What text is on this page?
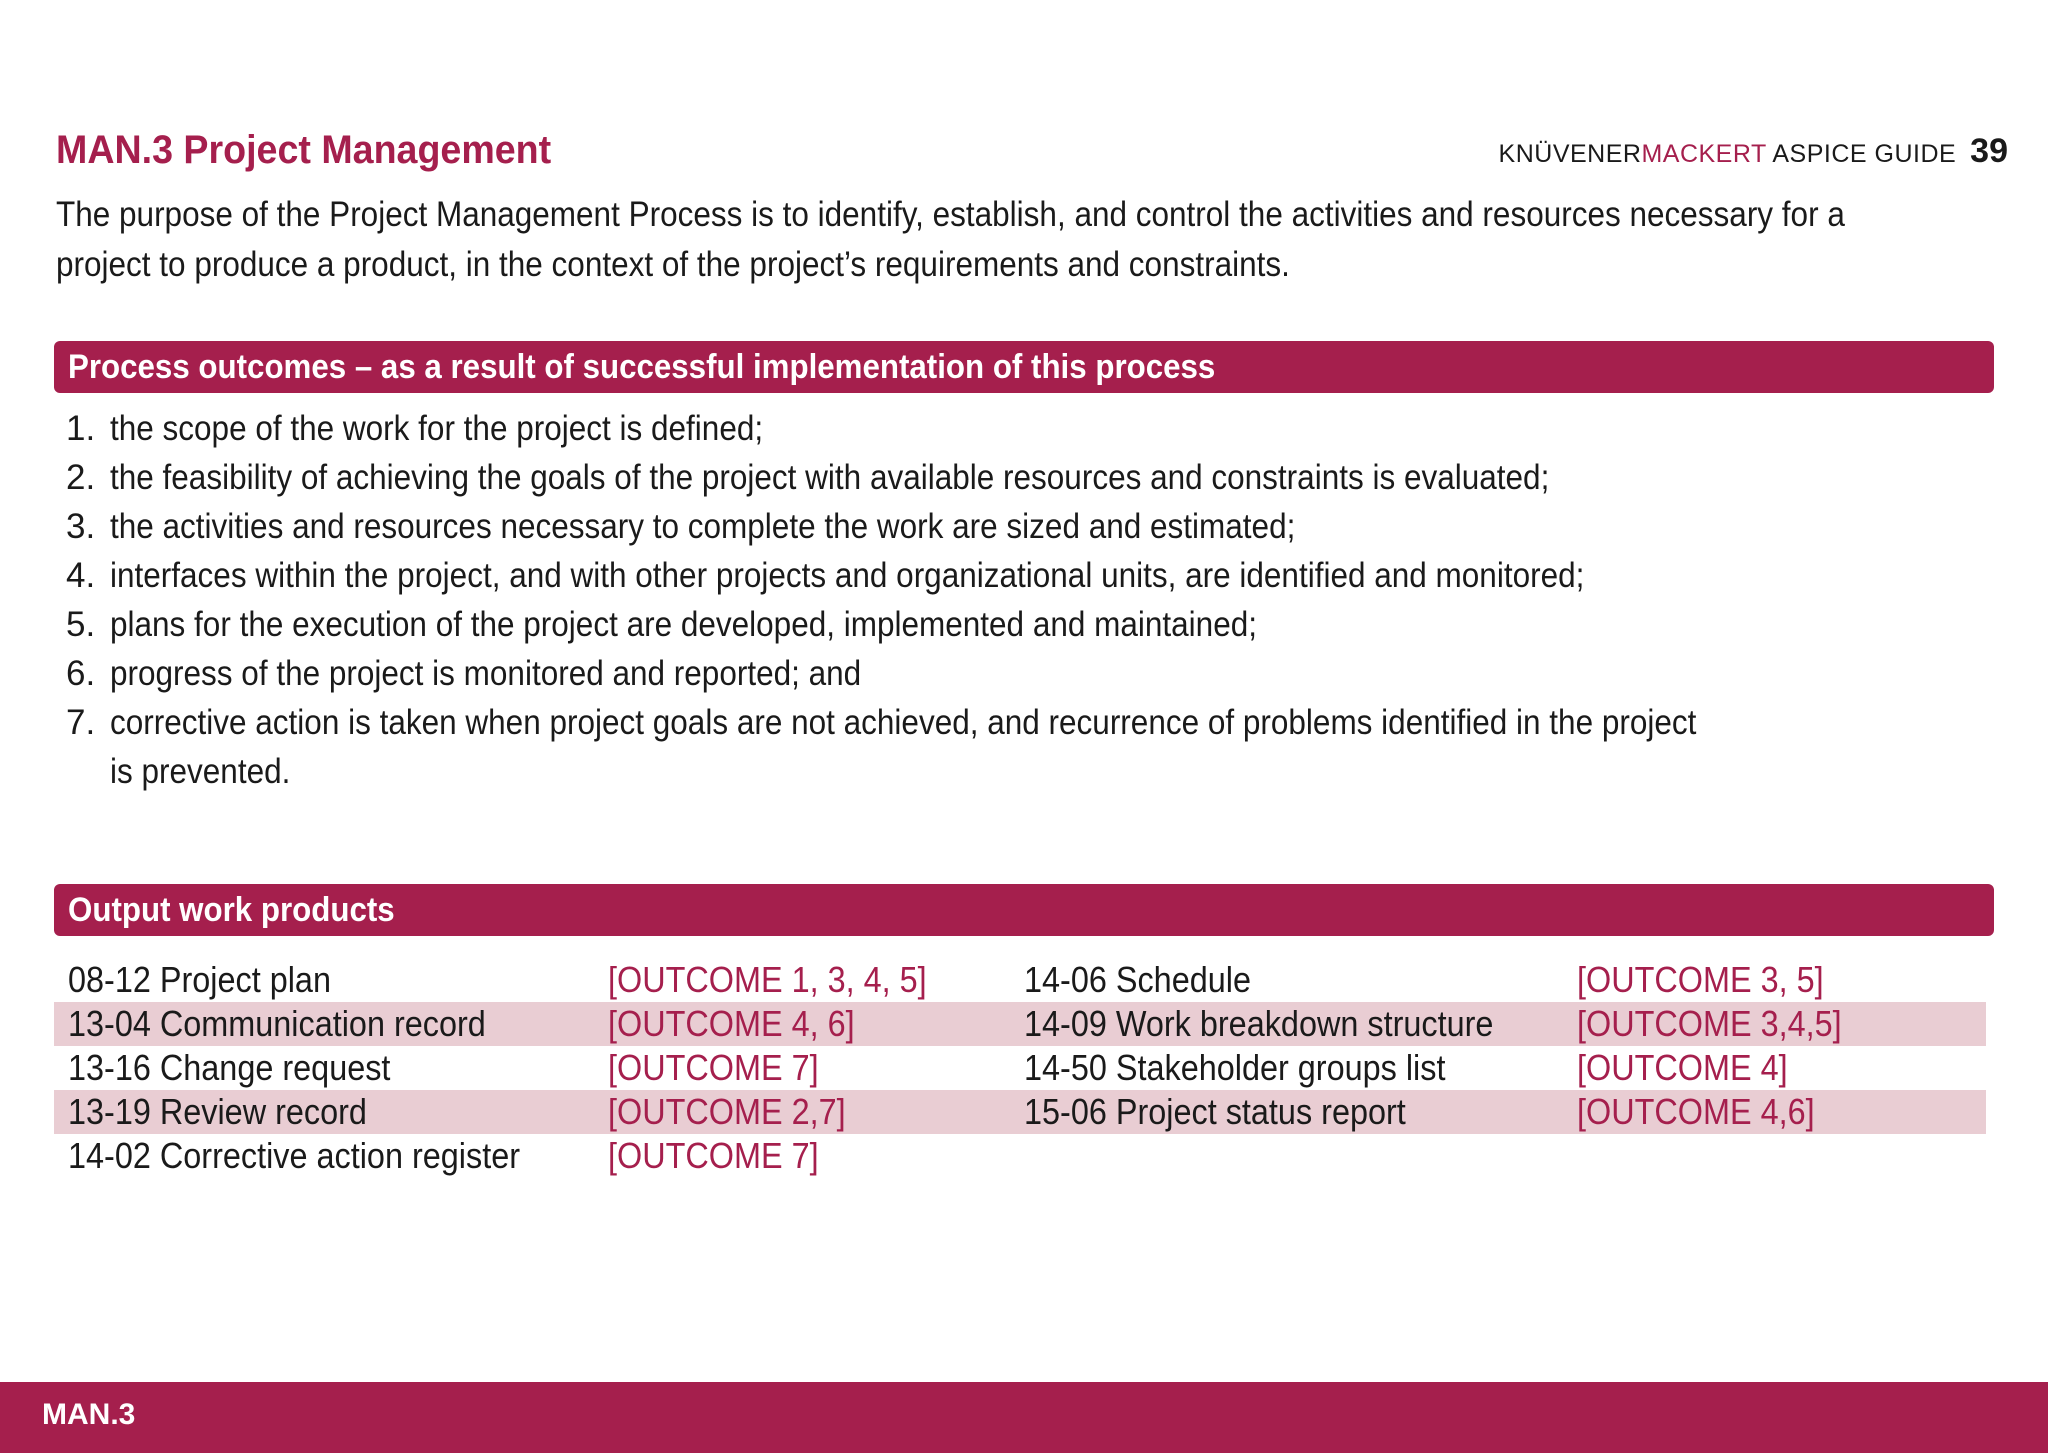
MAN.3 Project Management	KNÜVENERMACKERT ASPICE GUIDE 39

The purpose of the Project Management Process is to identify, establish, and control the activities and resources necessary for a project to produce a product, in the context of the project’s requirements and constraints.

Process outcomes – as a result of successful implementation of this process
1. the scope of the work for the project is defined;
2. the feasibility of achieving the goals of the project with available resources and constraints is evaluated;
3. the activities and resources necessary to complete the work are sized and estimated;
4. interfaces within the project, and with other projects and organizational units, are identified and monitored;
5. plans for the execution of the project are developed, implemented and maintained;
6. progress of the project is monitored and reported; and
7. corrective action is taken when project goals are not achieved, and recurrence of problems identified in the project is prevented.
Output work products
08-12 Project plan	[OUTCOME 1, 3, 4, 5]	14-06 Schedule	[OUTCOME 3, 5]
13-04 Communication record	[OUTCOME 4, 6]	14-09 Work breakdown structure	[OUTCOME 3,4,5]
13-16 Change request	[OUTCOME 7]	14-50 Stakeholder groups list	[OUTCOME 4]
13-19 Review record	[OUTCOME 2,7]	15-06 Project status report	[OUTCOME 4,6]
14-02 Corrective action register	[OUTCOME 7]		
MAN.3
